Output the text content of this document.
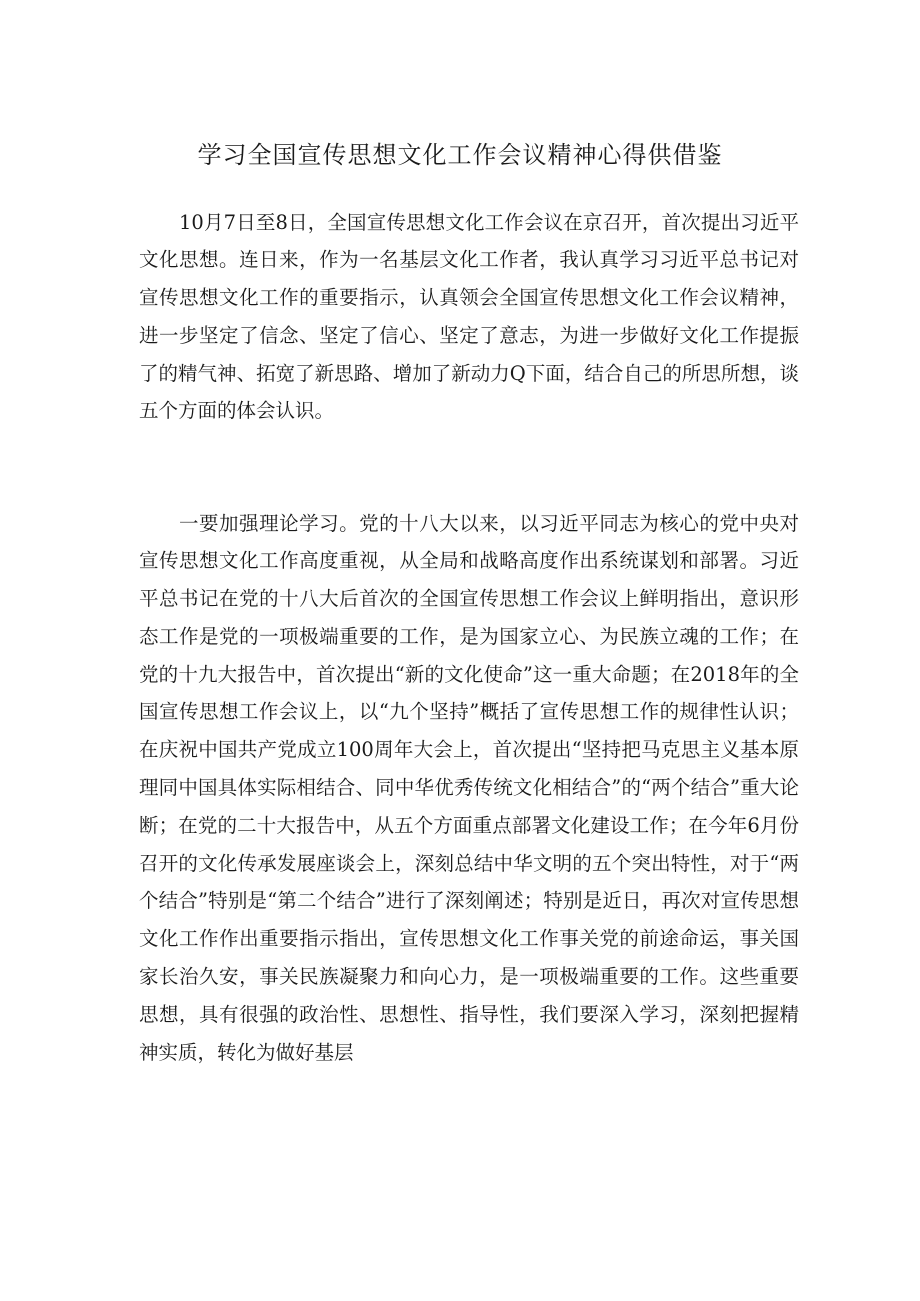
学习全国宣传思想文化工作会议精神心得供借鉴

10月7日至8日，全国宣传思想文化工作会议在京召开，首次提出习近平文化思想。连日来，作为一名基层文化工作者，我认真学习习近平总书记对宣传思想文化工作的重要指示，认真领会全国宣传思想文化工作会议精神，进一步坚定了信念、坚定了信心、坚定了意志，为进一步做好文化工作提振了的精气神、拓宽了新思路、增加了新动力Q下面，结合自己的所思所想，谈五个方面的体会认识。

一要加强理论学习。党的十八大以来，以习近平同志为核心的党中央对宣传思想文化工作高度重视，从全局和战略高度作出系统谋划和部署。习近平总书记在党的十八大后首次的全国宣传思想工作会议上鲜明指出，意识形态工作是党的一项极端重要的工作，是为国家立心、为民族立魂的工作；在党的十九大报告中，首次提出“新的文化使命”这一重大命题；在2018年的全国宣传思想工作会议上，以“九个坚持”概括了宣传思想工作的规律性认识；在庆祝中国共产党成立100周年大会上，首次提出“坚持把马克思主义基本原理同中国具体实际相结合、同中华优秀传统文化相结合”的“两个结合”重大论断；在党的二十大报告中，从五个方面重点部署文化建设工作；在今年6月份召开的文化传承发展座谈会上，深刻总结中华文明的五个突出特性，对于“两个结合”特别是“第二个结合”进行了深刻阐述；特别是近日，再次对宣传思想文化工作作出重要指示指出，宣传思想文化工作事关党的前途命运，事关国家长治久安，事关民族凝聚力和向心力，是一项极端重要的工作。这些重要思想，具有很强的政治性、思想性、指导性，我们要深入学习，深刻把握精神实质，转化为做好基层
